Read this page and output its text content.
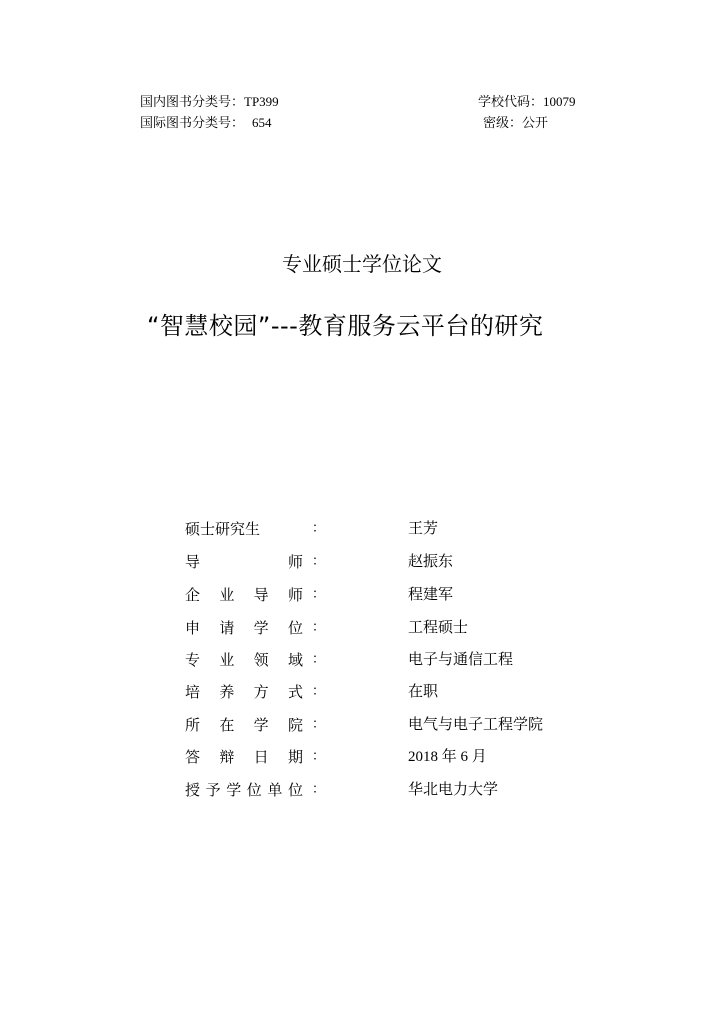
国内图书分类号：TP399
国际图书分类号： 654
学校代码：10079
密级：公开
专业硕士学位论文
“智慧校园”---教育服务云平台的研究
硕士研究生	：	王芳
导师 ：	赵振东
企业导师 ：	程建军
申请学位 ：	工程硕士
专业领域 ：	电子与通信工程
培养方式 ：	在职
所在学院 ：	电气与电子工程学院
答辩日期 ：	2018 年 6 月
授予学位单位 ：	华北电力大学
